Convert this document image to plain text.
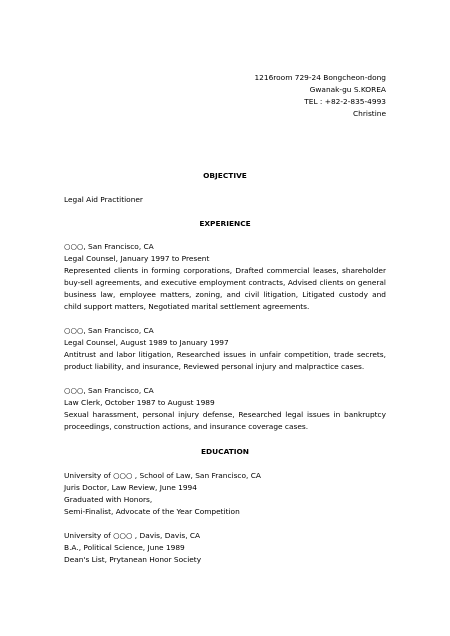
1216room 729-24 Bongcheon-dong
Gwanak-gu S.KOREA
TEL : +82-2-835-4993
Christine
OBJECTIVE
Legal Aid Practitioner
EXPERIENCE
○○○, San Francisco, CA
Legal Counsel, January 1997 to Present
Represented clients in forming corporations, Drafted commercial leases, shareholder
buy-sell agreements, and executive employment contracts, Advised clients on general
business law, employee matters, zoning, and civil litigation, Litigated custody and
child support matters, Negotiated marital settlement agreements.
○○○, San Francisco, CA
Legal Counsel, August 1989 to January 1997
Antitrust and labor litigation, Researched issues in unfair competition, trade secrets,
product liability, and insurance, Reviewed personal injury and malpractice cases.
○○○, San Francisco, CA
Law Clerk, October 1987 to August 1989
Sexual harassment, personal injury defense, Researched legal issues in bankruptcy
proceedings, construction actions, and insurance coverage cases.
EDUCATION
University of ○○○ , School of Law, San Francisco, CA
Juris Doctor, Law Review, June 1994
Graduated with Honors,
Semi-Finalist, Advocate of the Year Competition
University of ○○○ , Davis, Davis, CA
B.A., Political Science, June 1989
Dean's List, Prytanean Honor Society
